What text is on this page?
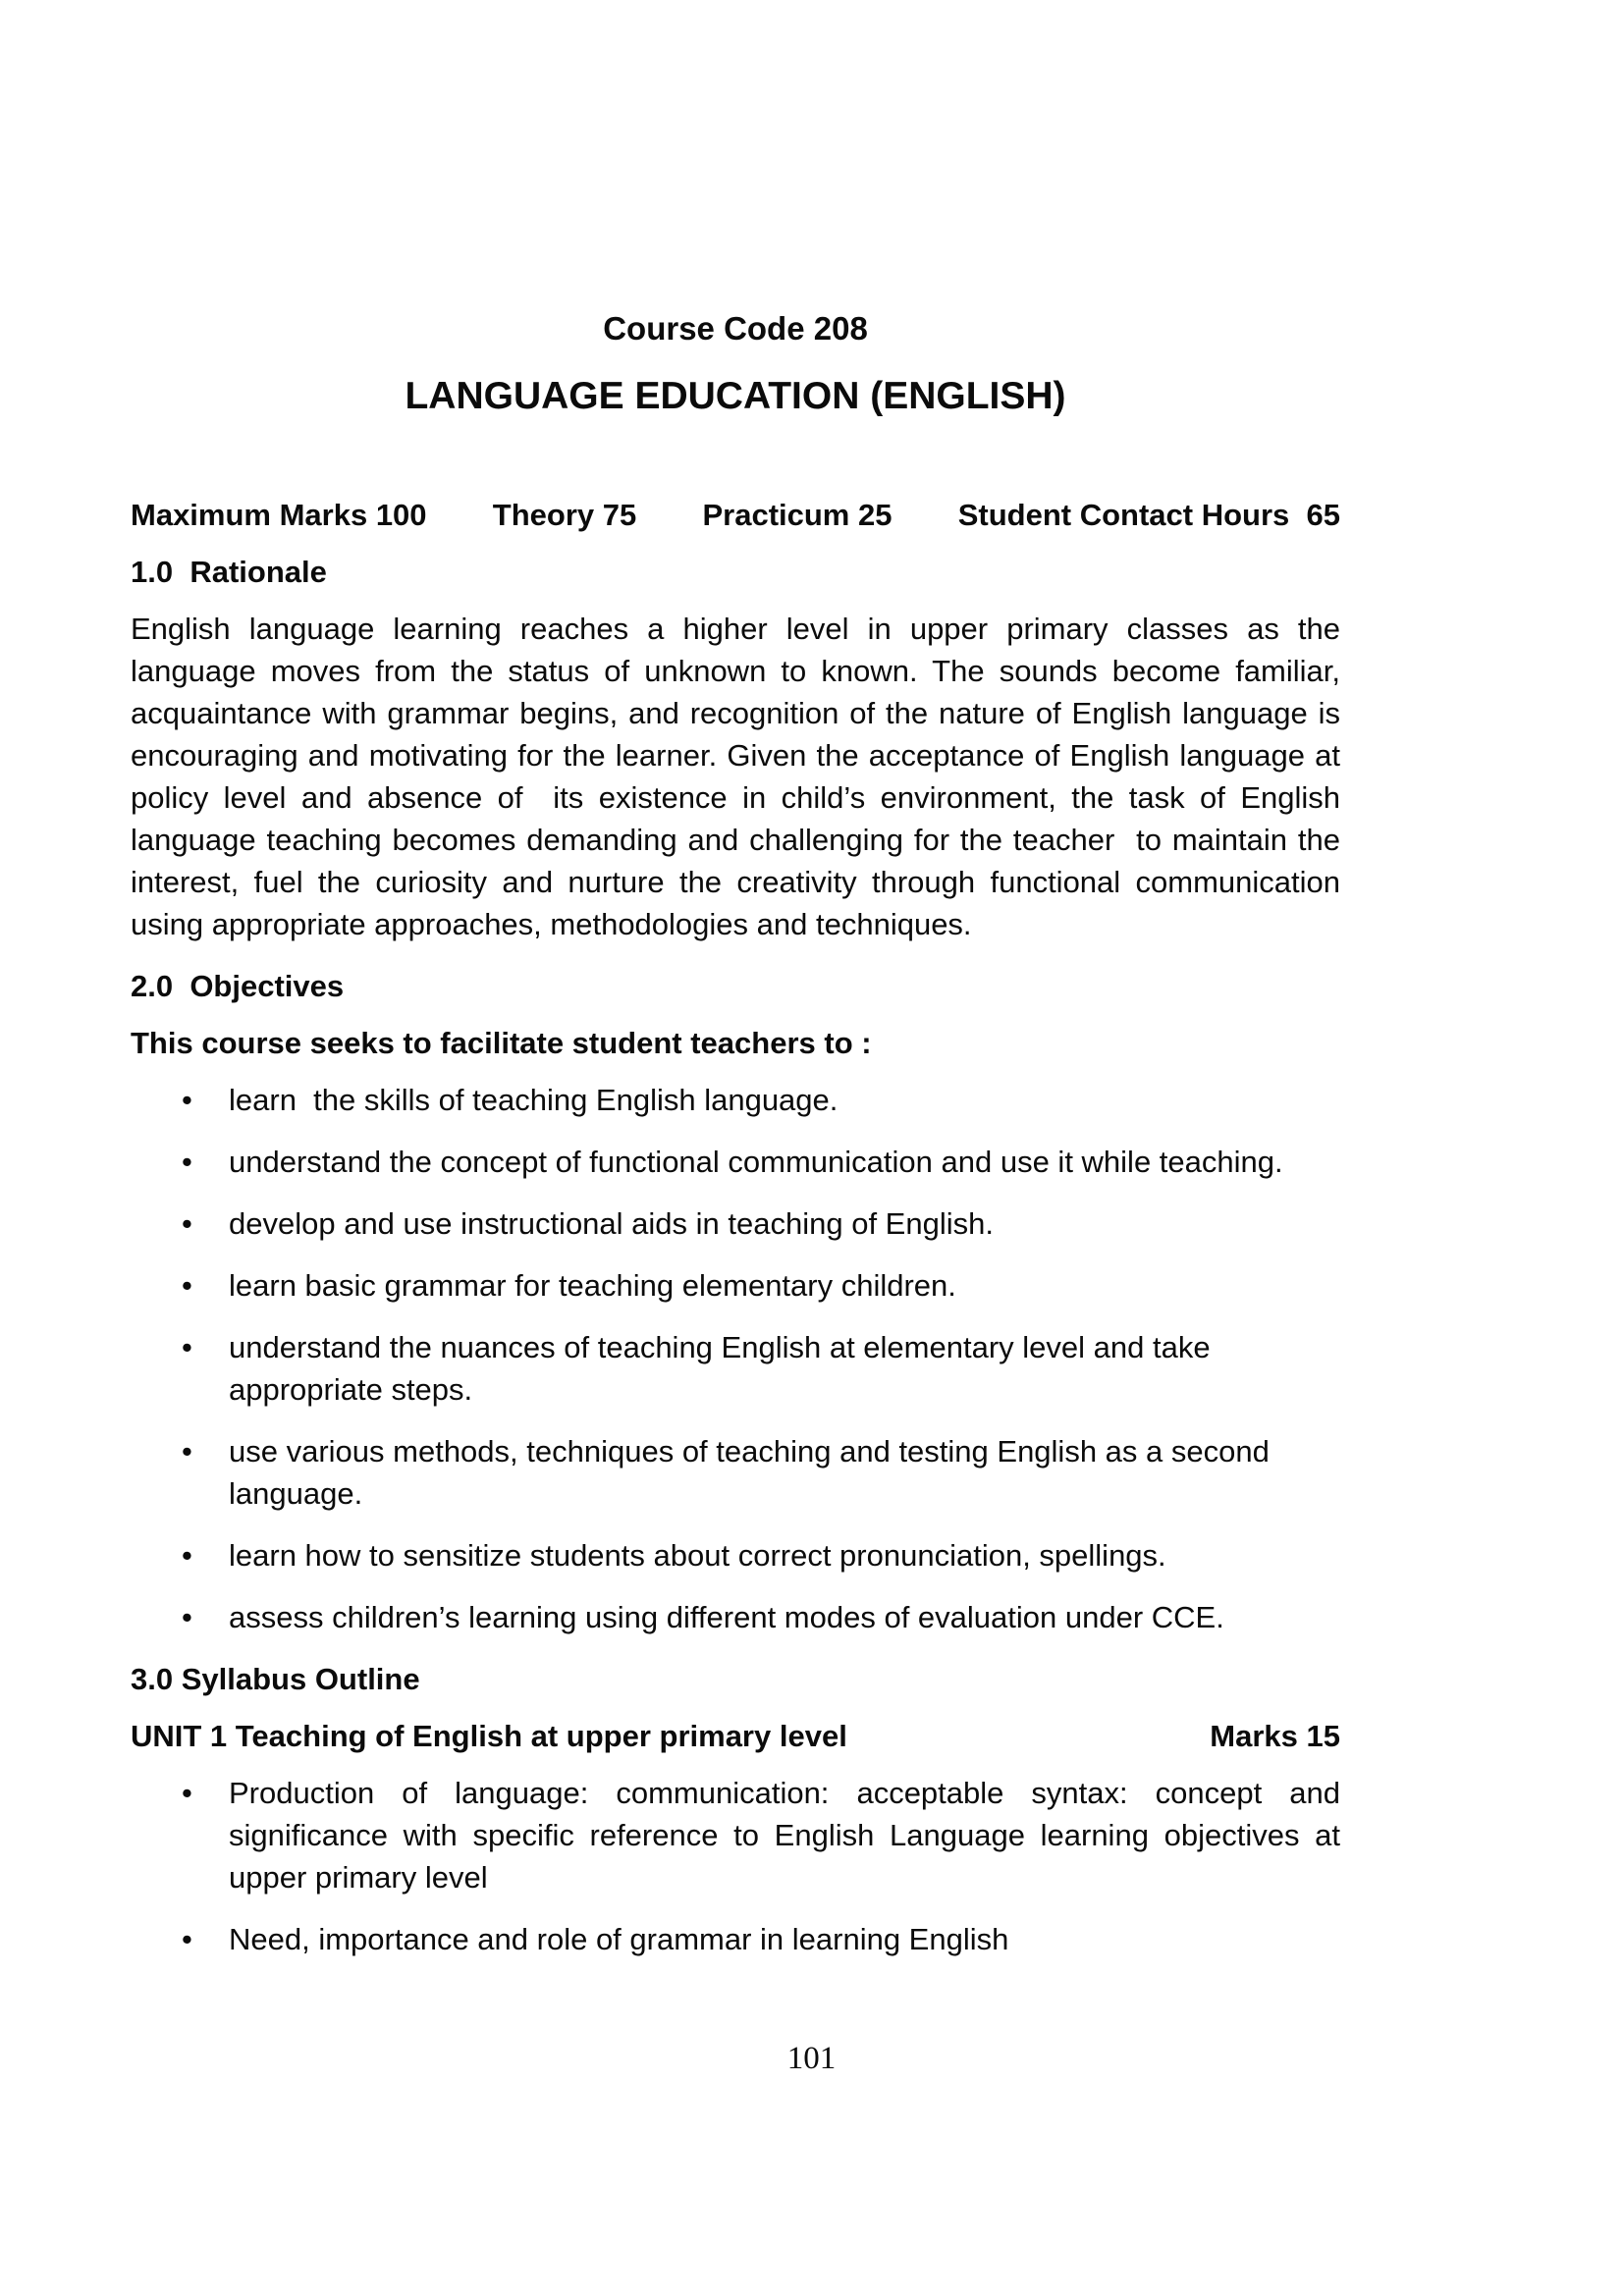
Course Code 208
LANGUAGE EDUCATION (ENGLISH)
Maximum Marks 100 Theory 75 Practicum 25 Student Contact Hours  65
1.0  Rationale
English language learning reaches a higher level in upper primary classes as the language moves from the status of unknown to known. The sounds become familiar, acquaintance with grammar begins, and recognition of the nature of English language is encouraging and motivating for the learner. Given the acceptance of English language at policy level and absence of  its existence in child’s environment, the task of English language teaching becomes demanding and challenging for the teacher  to maintain the interest, fuel the curiosity and nurture the creativity through functional communication using appropriate approaches, methodologies and techniques.
2.0  Objectives
This course seeks to facilitate student teachers to :
• learn  the skills of teaching English language.
• understand the concept of functional communication and use it while teaching.
• develop and use instructional aids in teaching of English.
• learn basic grammar for teaching elementary children.
• understand the nuances of teaching English at elementary level and take appropriate steps.
• use various methods, techniques of teaching and testing English as a second language.
• learn how to sensitize students about correct pronunciation, spellings.
• assess children’s learning using different modes of evaluation under CCE.
3.0 Syllabus Outline
UNIT 1 Teaching of English at upper primary level	Marks 15
• Production of language: communication: acceptable syntax: concept and significance with specific reference to English Language learning objectives at upper primary level
• Need, importance and role of grammar in learning English
101
